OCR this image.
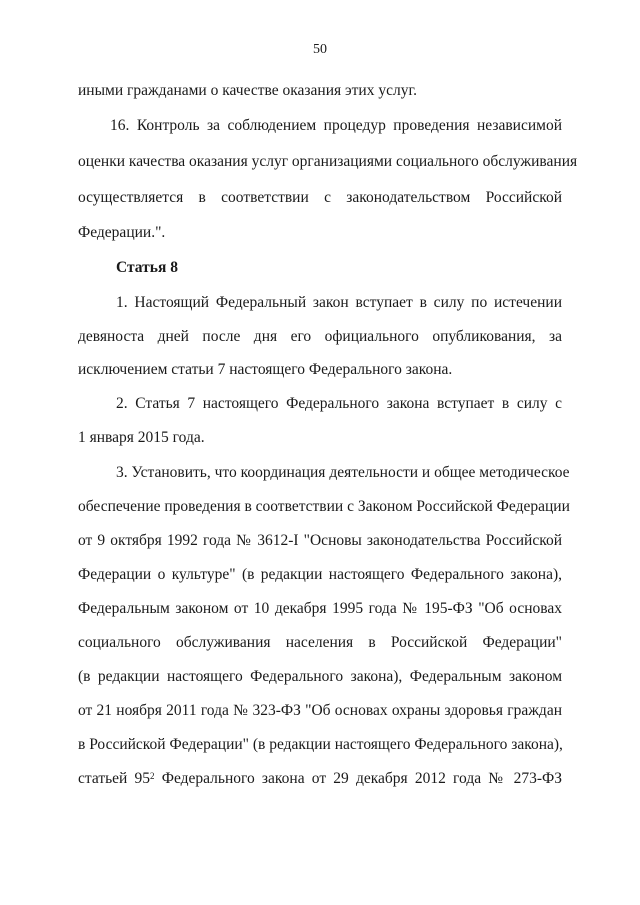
50
иными гражданами о качестве оказания этих услуг.
16. Контроль за соблюдением процедур проведения независимой
оценки качества оказания услуг организациями социального обслуживания
осуществляется в соответствии с законодательством Российской
Федерации.".
Статья 8
1. Настоящий Федеральный закон вступает в силу по истечении
девяноста дней после дня его официального опубликования, за
исключением статьи 7 настоящего Федерального закона.
2. Статья 7 настоящего Федерального закона вступает в силу с
1 января 2015 года.
3. Установить, что координация деятельности и общее методическое
обеспечение проведения в соответствии с Законом Российской Федерации
от 9 октября 1992 года № 3612-I "Основы законодательства Российской
Федерации о культуре" (в редакции настоящего Федерального закона),
Федеральным законом от 10 декабря 1995 года № 195-ФЗ "Об основах
социального обслуживания населения в Российской Федерации"
(в редакции настоящего Федерального закона), Федеральным законом
от 21 ноября 2011 года № 323-ФЗ "Об основах охраны здоровья граждан
в Российской Федерации" (в редакции настоящего Федерального закона),
статьей $95^2$ Федерального закона от 29 декабря 2012 года № 273-ФЗ
